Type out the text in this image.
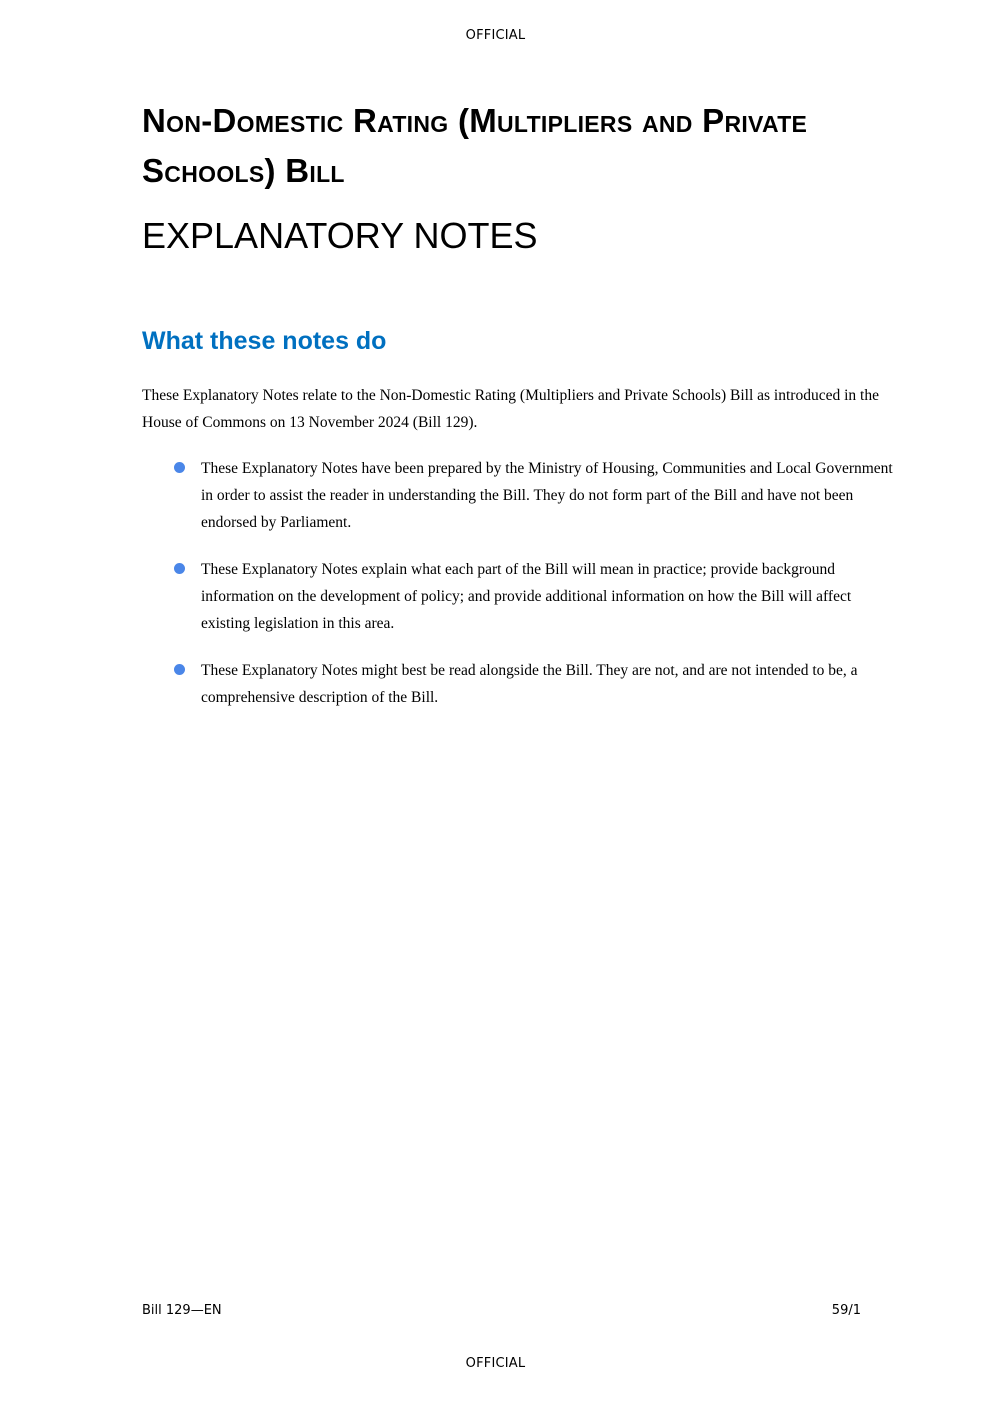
OFFICIAL
Non-Domestic Rating (Multipliers and Private Schools) Bill
EXPLANATORY NOTES
What these notes do

These Explanatory Notes relate to the Non-Domestic Rating (Multipliers and Private Schools) Bill as introduced in the House of Commons on 13 November 2024 (Bill 129).

These Explanatory Notes have been prepared by the Ministry of Housing, Communities and Local Government in order to assist the reader in understanding the Bill. They do not form part of the Bill and have not been endorsed by Parliament.
These Explanatory Notes explain what each part of the Bill will mean in practice; provide background information on the development of policy; and provide additional information on how the Bill will affect existing legislation in this area.
These Explanatory Notes might best be read alongside the Bill. They are not, and are not intended to be, a comprehensive description of the Bill.
Bill 129—EN	59/1
OFFICIAL
